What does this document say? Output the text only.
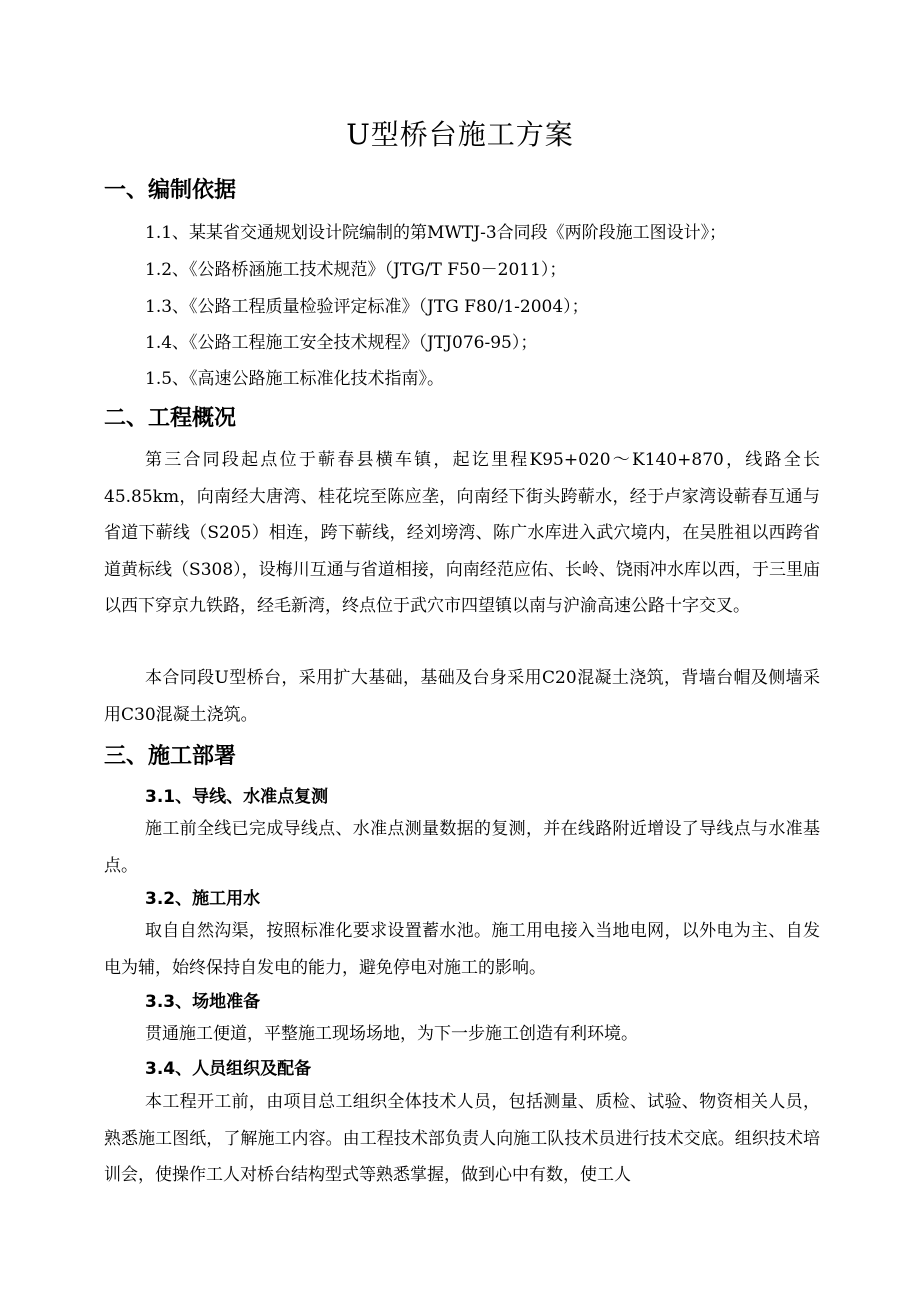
U型桥台施工方案
一、编制依据
1.1、某某省交通规划设计院编制的第MWTJ-3合同段《两阶段施工图设计》；
1.2、《公路桥涵施工技术规范》（JTG/T F50－2011）；
1.3、《公路工程质量检验评定标准》（JTG F80/1-2004）；
1.4、《公路工程施工安全技术规程》（JTJ076-95）；
1.5、《高速公路施工标准化技术指南》。
二、工程概况
第三合同段起点位于蕲春县横车镇，起讫里程K95+020～K140+870，线路全长45.85km，向南经大唐湾、桂花垸至陈应垄，向南经下街头跨蕲水，经于卢家湾设蕲春互通与省道下蕲线（S205）相连，跨下蕲线，经刘塝湾、陈广水库进入武穴境内，在吴胜祖以西跨省道黄标线（S308），设梅川互通与省道相接，向南经范应佑、长岭、饶雨冲水库以西，于三里庙以西下穿京九铁路，经毛新湾，终点位于武穴市四望镇以南与沪渝高速公路十字交叉。
本合同段U型桥台，采用扩大基础，基础及台身采用C20混凝土浇筑，背墙台帽及侧墙采用C30混凝土浇筑。
三、施工部署
3.1、导线、水准点复测
施工前全线已完成导线点、水准点测量数据的复测，并在线路附近增设了导线点与水准基点。
3.2、施工用水
取自自然沟渠，按照标准化要求设置蓄水池。施工用电接入当地电网，以外电为主、自发电为辅，始终保持自发电的能力，避免停电对施工的影响。
3.3、场地准备
贯通施工便道，平整施工现场场地，为下一步施工创造有利环境。
3.4、人员组织及配备
本工程开工前，由项目总工组织全体技术人员，包括测量、质检、试验、物资相关人员，熟悉施工图纸，了解施工内容。由工程技术部负责人向施工队技术员进行技术交底。组织技术培训会，使操作工人对桥台结构型式等熟悉掌握，做到心中有数，使工人
